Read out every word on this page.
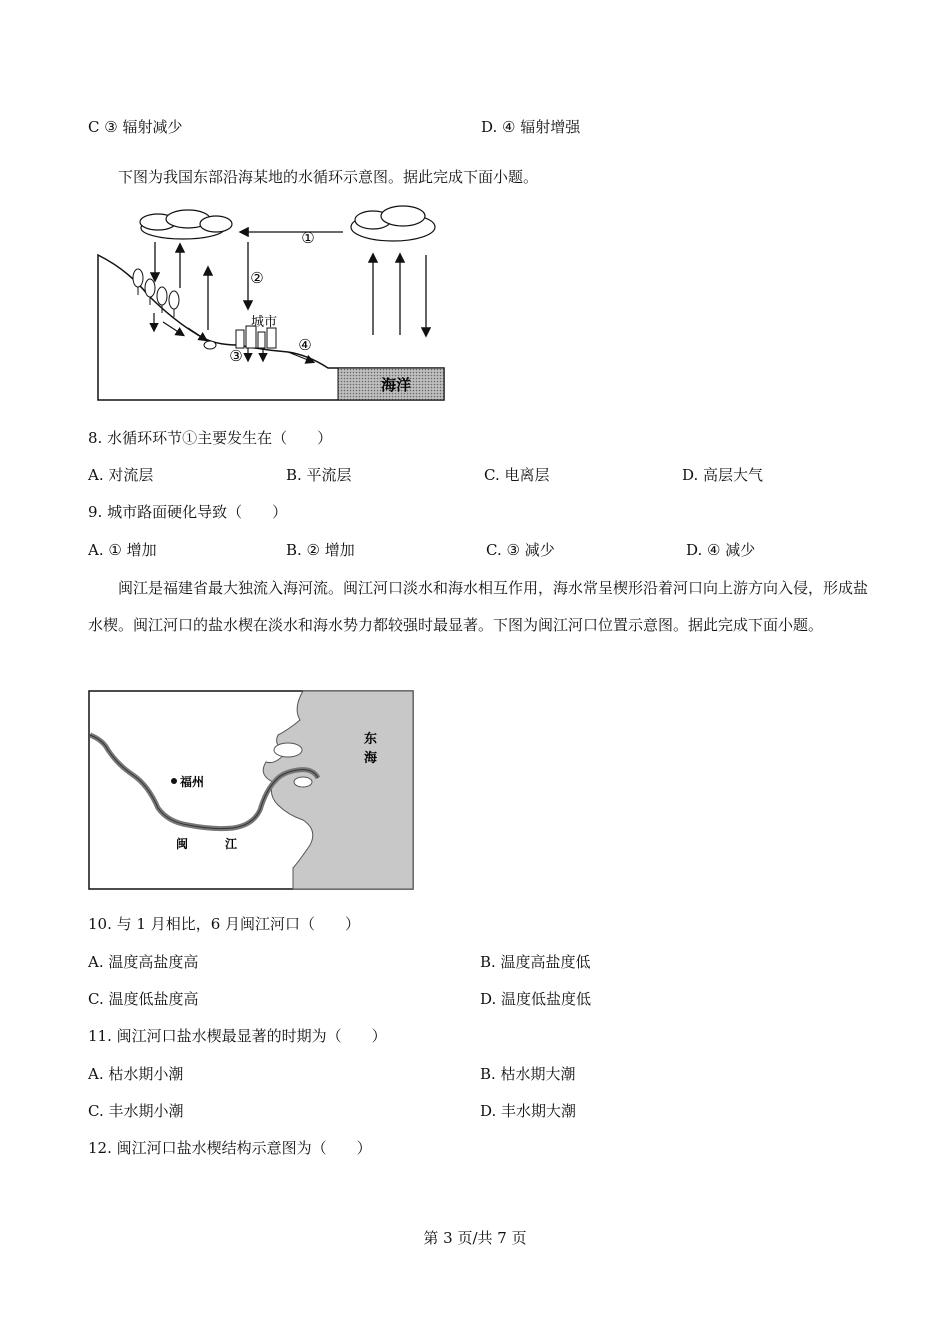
C ③ 辐射减少	D. ④ 辐射增强
下图为我国东部沿海某地的水循环示意图。据此完成下面小题。
①
②
③
④
城市
海洋
8. 水循环环节①主要发生在（　　）
A. 对流层	B. 平流层	C. 电离层	D. 高层大气
9. 城市路面硬化导致（　　）
A. ① 增加	B. ② 增加	C. ③ 减少	D. ④ 减少
闽江是福建省最大独流入海河流。闽江河口淡水和海水相互作用，海水常呈楔形沿着河口向上游方向入侵，形成盐水楔。闽江河口的盐水楔在淡水和海水势力都较强时最显著。下图为闽江河口位置示意图。据此完成下面小题。
福州
闽	江
东
海
10. 与 1 月相比，6 月闽江河口（　　）
A. 温度高盐度高	B. 温度高盐度低
C. 温度低盐度高	D. 温度低盐度低
11. 闽江河口盐水楔最显著的时期为（　　）
A. 枯水期小潮	B. 枯水期大潮
C. 丰水期小潮	D. 丰水期大潮
12. 闽江河口盐水楔结构示意图为（　　）
第 3 页/共 7 页
